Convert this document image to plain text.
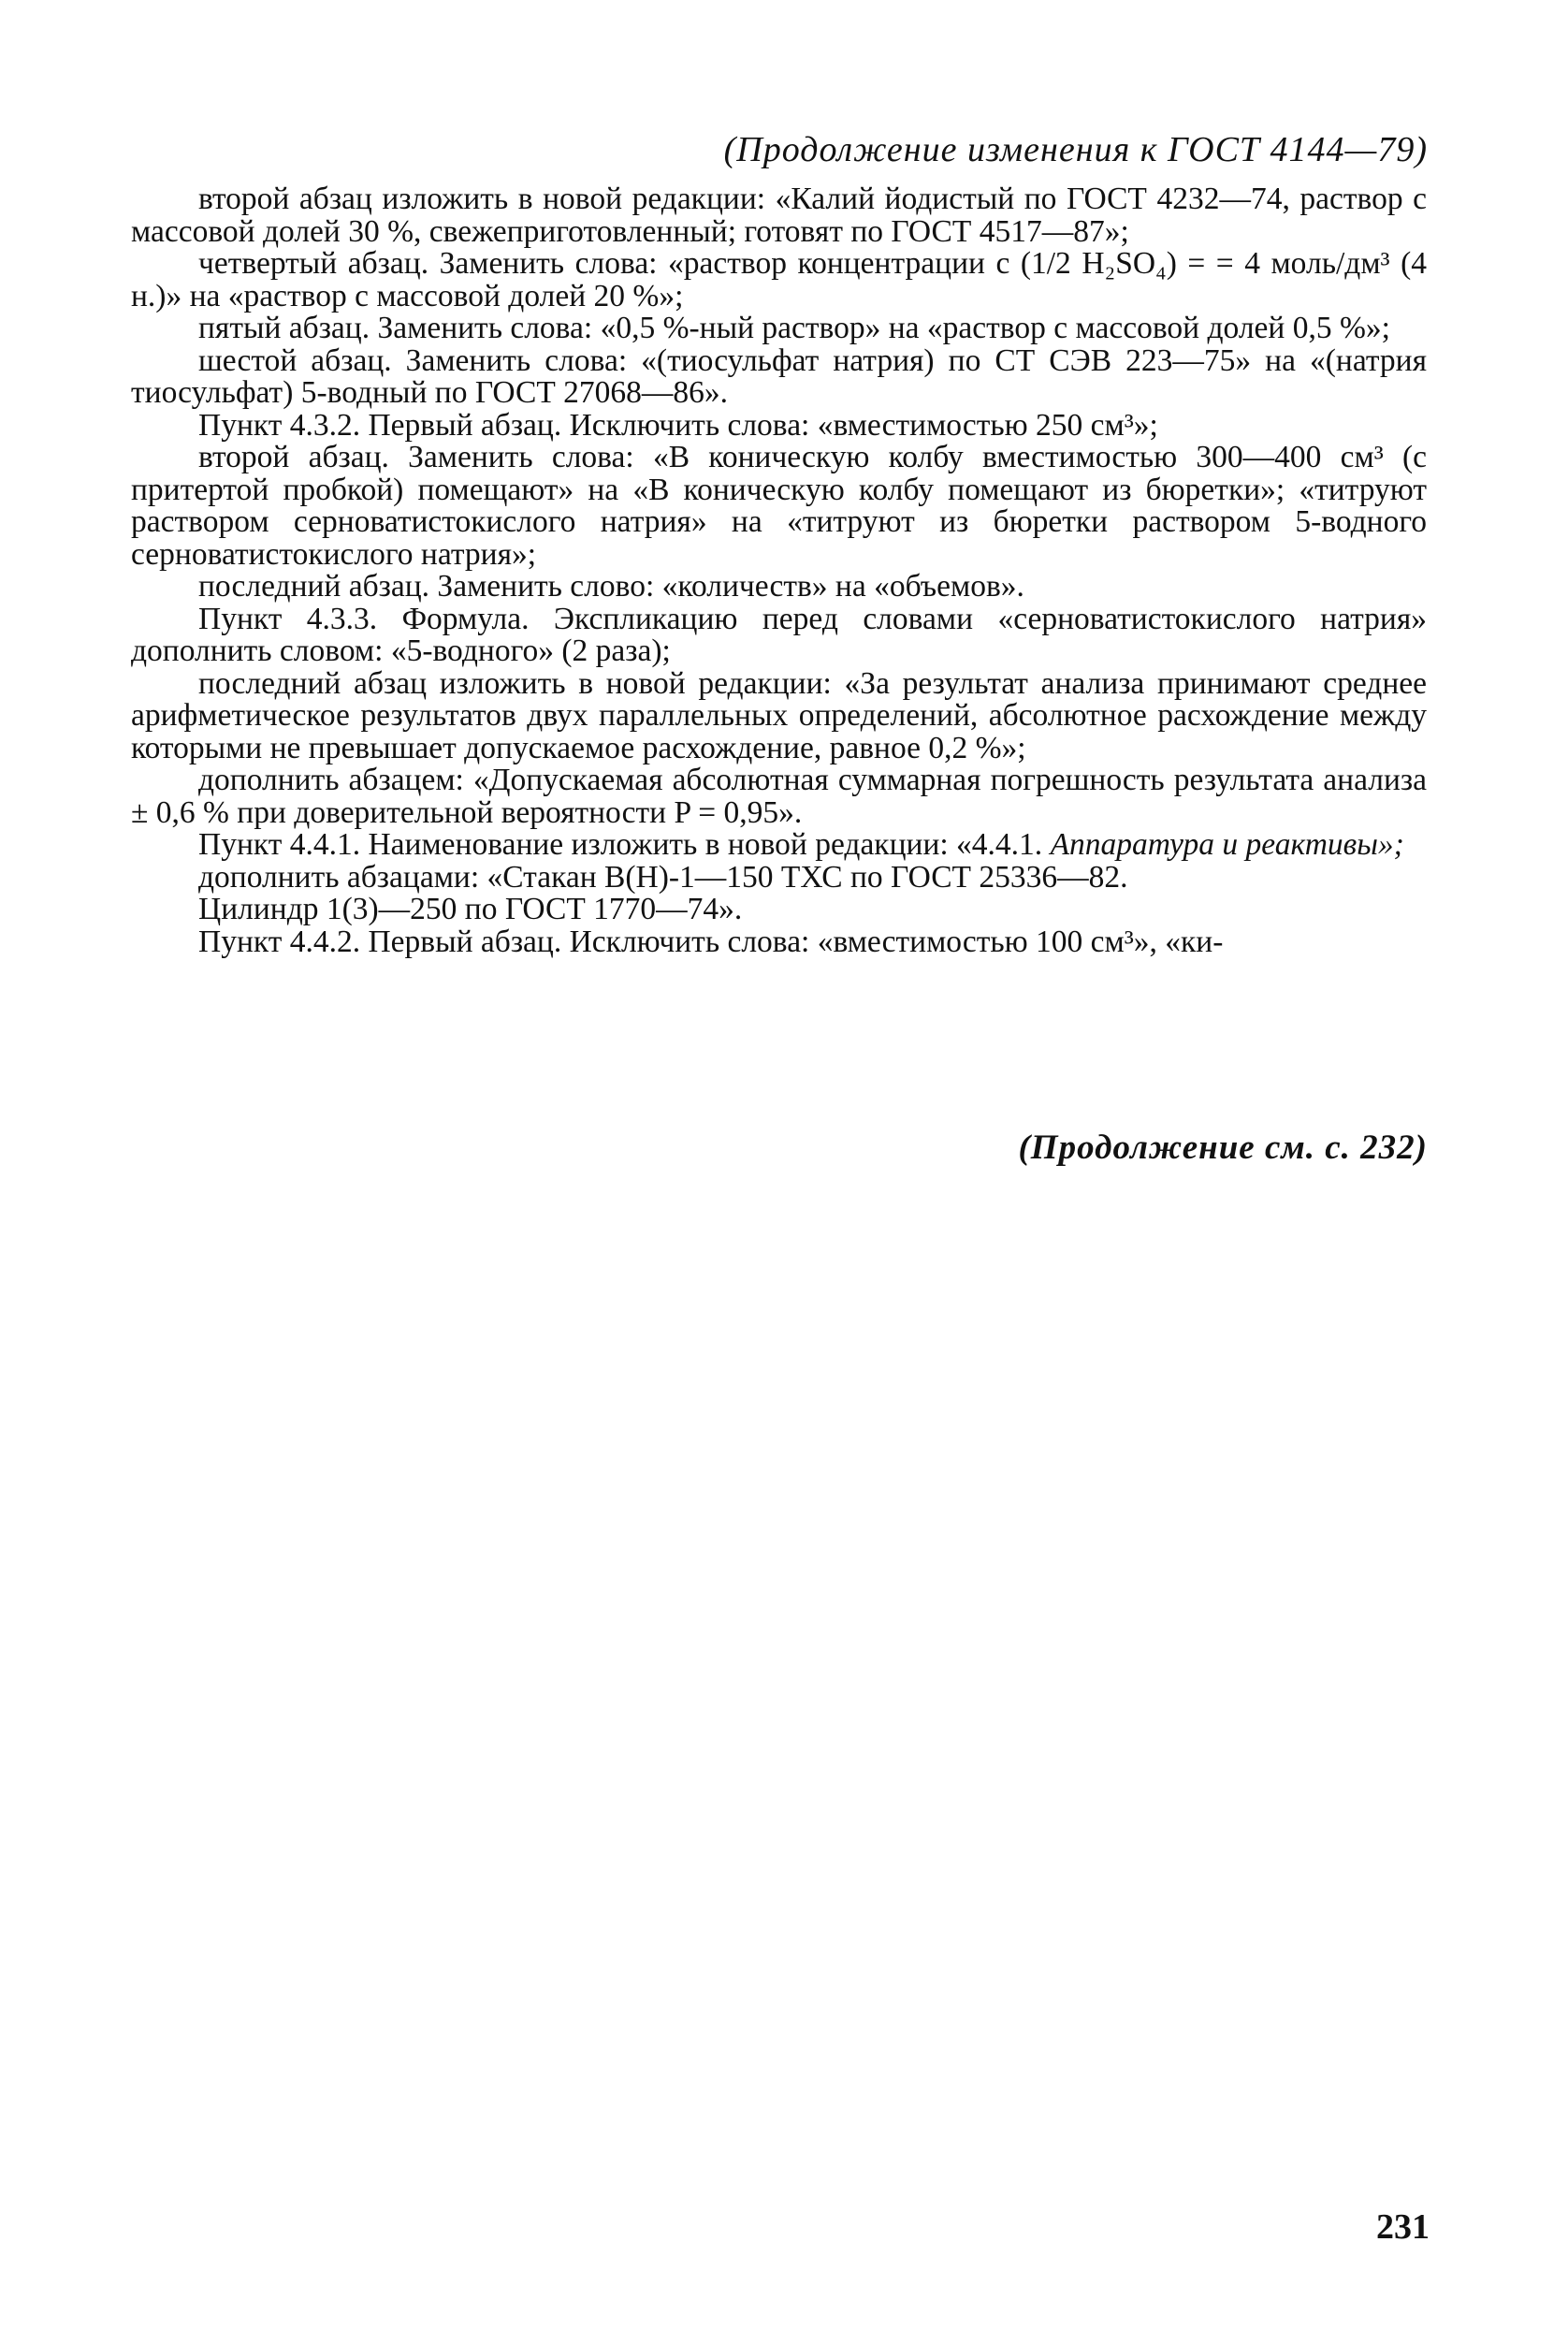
(Продолжение изменения к ГОСТ 4144—79)

второй абзац изложить в новой редакции: «Калий йодистый по ГОСТ 4232—74, раствор с массовой долей 30 %, свежеприготовленный; готовят по ГОСТ 4517—87»;

четвертый абзац. Заменить слова: «раствор концентрации c (1/2 H₂SO₄) = = 4 моль/дм³ (4 н.)» на «раствор с массовой долей 20 %»;

пятый абзац. Заменить слова: «0,5 %-ный раствор» на «раствор с массовой долей 0,5 %»;

шестой абзац. Заменить слова: «(тиосульфат натрия) по СТ СЭВ 223—75» на «(натрия тиосульфат) 5-водный по ГОСТ 27068—86».

Пункт 4.3.2. Первый абзац. Исключить слова: «вместимостью 250 см³»;

второй абзац. Заменить слова: «В коническую колбу вместимостью 300—400 см³ (с притертой пробкой) помещают» на «В коническую колбу помещают из бюретки»; «титруют раствором серноватистокислого натрия» на «титруют из бюретки раствором 5-водного серноватистокислого натрия»;

последний абзац. Заменить слово: «количеств» на «объемов».

Пункт 4.3.3. Формула. Экспликацию перед словами «серноватистокислого натрия» дополнить словом: «5-водного» (2 раза);

последний абзац изложить в новой редакции: «За результат анализа принимают среднее арифметическое результатов двух параллельных определений, абсолютное расхождение между которыми не превышает допускаемое расхождение, равное 0,2 %»;

дополнить абзацем: «Допускаемая абсолютная суммарная погрешность результата анализа ± 0,6 % при доверительной вероятности P = 0,95».

Пункт 4.4.1. Наименование изложить в новой редакции: «4.4.1. Аппаратура и реактивы»;

дополнить абзацами: «Стакан В(Н)-1—150 ТХС по ГОСТ 25336—82.

Цилиндр 1(3)—250 по ГОСТ 1770—74».

Пункт 4.4.2. Первый абзац. Исключить слова: «вместимостью 100 см³», «ки-

(Продолжение см. с. 232)
231
